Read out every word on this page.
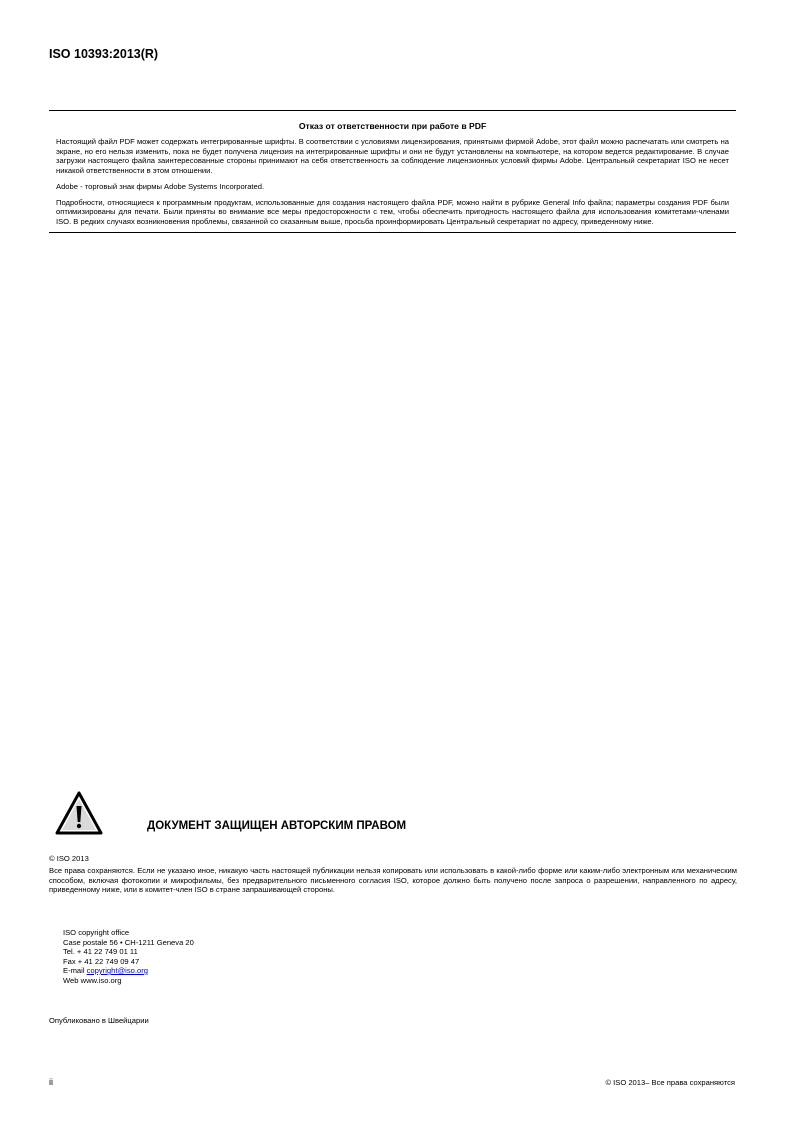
ISO 10393:2013(R)
Отказ от ответственности при работе в PDF

Настоящий файл PDF может содержать интегрированные шрифты. В соответствии с условиями лицензирования, принятыми фирмой Adobe, этот файл можно распечатать или смотреть на экране, но его нельзя изменить, пока не будет получена лицензия на интегрированные шрифты и они не будут установлены на компьютере, на котором ведется редактирование. В случае загрузки настоящего файла заинтересованные стороны принимают на себя ответственность за соблюдение лицензионных условий фирмы Adobe. Центральный секретариат ISO не несет никакой ответственности в этом отношении.

Adobe - торговый знак фирмы Adobe Systems Incorporated.

Подробности, относящиеся к программным продуктам, использованные для создания настоящего файла PDF, можно найти в рубрике General Info файла; параметры создания PDF были оптимизированы для печати. Были приняты во внимание все меры предосторожности с тем, чтобы обеспечить пригодность настоящего файла для использования комитетами-членами ISO. В редких случаях возникновения проблемы, связанной со сказанным выше, просьба проинформировать Центральный секретариат по адресу, приведенному ниже.

ДОКУМЕНТ ЗАЩИЩЕН АВТОРСКИМ ПРАВОМ
© ISO 2013

Все права сохраняются. Если не указано иное, никакую часть настоящей публикации нельзя копировать или использовать в какой-либо форме или каким-либо электронным или механическим способом, включая фотокопии и микрофильмы, без предварительного письменного согласия ISO, которое должно быть получено после запроса о разрешении, направленного по адресу, приведенному ниже, или в комитет-член ISO в стране запрашивающей стороны.

ISO copyright office
Case postale 56 • CH-1211 Geneva 20
Tel. + 41 22 749 01 11
Fax + 41 22 749 09 47
E-mail copyright@iso.org
Web www.iso.org
Опубликовано в Швейцарии
ii	© ISO 2013– Все права сохраняются
